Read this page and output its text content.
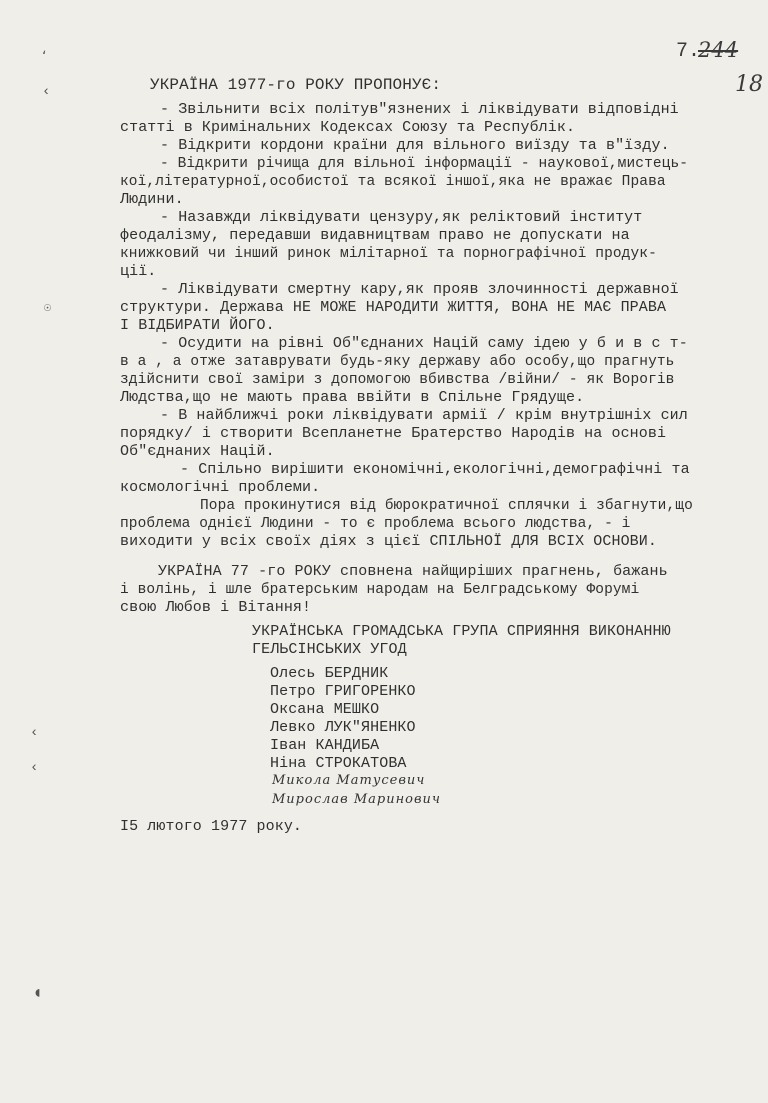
7.
244
18
УКРАЇНА 1977-го РОКУ ПРОПОНУЄ:
- Звільнити всіх політув"язнених і ліквідувати відповідні
статті в Кримінальних Кодексах Союзу та Республік.
- Відкрити кордони країни для вільного виїзду та в"їзду.
- Відкрити річища для вільної інформації - наукової,мистець-
кої,літературної,особистої та всякої іншої,яка не вражає Права
Людини.
- Назавжди ліквідувати цензуру,як реліктовий інститут
феодалізму, передавши видавництвам право не допускати на
книжковий чи інший ринок мілітарної та порнографічної продук-
ції.
- Ліквідувати смертну кару,як прояв злочинності державної
структури. Держава НЕ МОЖЕ НАРОДИТИ ЖИТТЯ, ВОНА НЕ МАЄ ПРАВА
І ВІДБИРАТИ ЙОГО.
- Осудити на рівні Об"єднаних Націй саму ідею у б и в с т-
в а , а отже затаврувати будь-яку державу або особу,що прагнуть
здійснити свої заміри з допомогою вбивства /війни/ - як Ворогів
Людства,що не мають права ввійти в Спільне Грядуще.
- В найближчі роки ліквідувати армії / крім внутрішніх сил
порядку/ і створити Всепланетне Братерство Народів на основі
Об"єднаних Націй.
- Спільно вирішити економічні,екологічні,демографічні та
космологічні проблеми.
Пора прокинутися від бюрократичної сплячки і збагнути,що
проблема однієї Людини - то є проблема всього людства, - і
виходити у всіх своїх діях з цієї СПІЛЬНОЇ ДЛЯ ВСІХ ОСНОВИ.
УКРАЇНА 77 -го РОКУ сповнена найщиріших прагнень, бажань
і волінь, і шле братерським народам на Белградському Форумі
свою Любов і Вітання!
УКРАЇНСЬКА ГРОМАДСЬКА ГРУПА СПРИЯННЯ ВИКОНАННЮ
ГЕЛЬСІНСЬКИХ УГОД
Олесь БЕРДНИК
Петро ГРИГОРЕНКО
Оксана МЕШКО
Левко ЛУК"ЯНЕНКО
Іван КАНДИБА
Ніна СТРОКАТОВА
Микола Матусевич
Мирослав Маринович
І5 лютого 1977 року.
،
‹
☉
‹
‹
◖
